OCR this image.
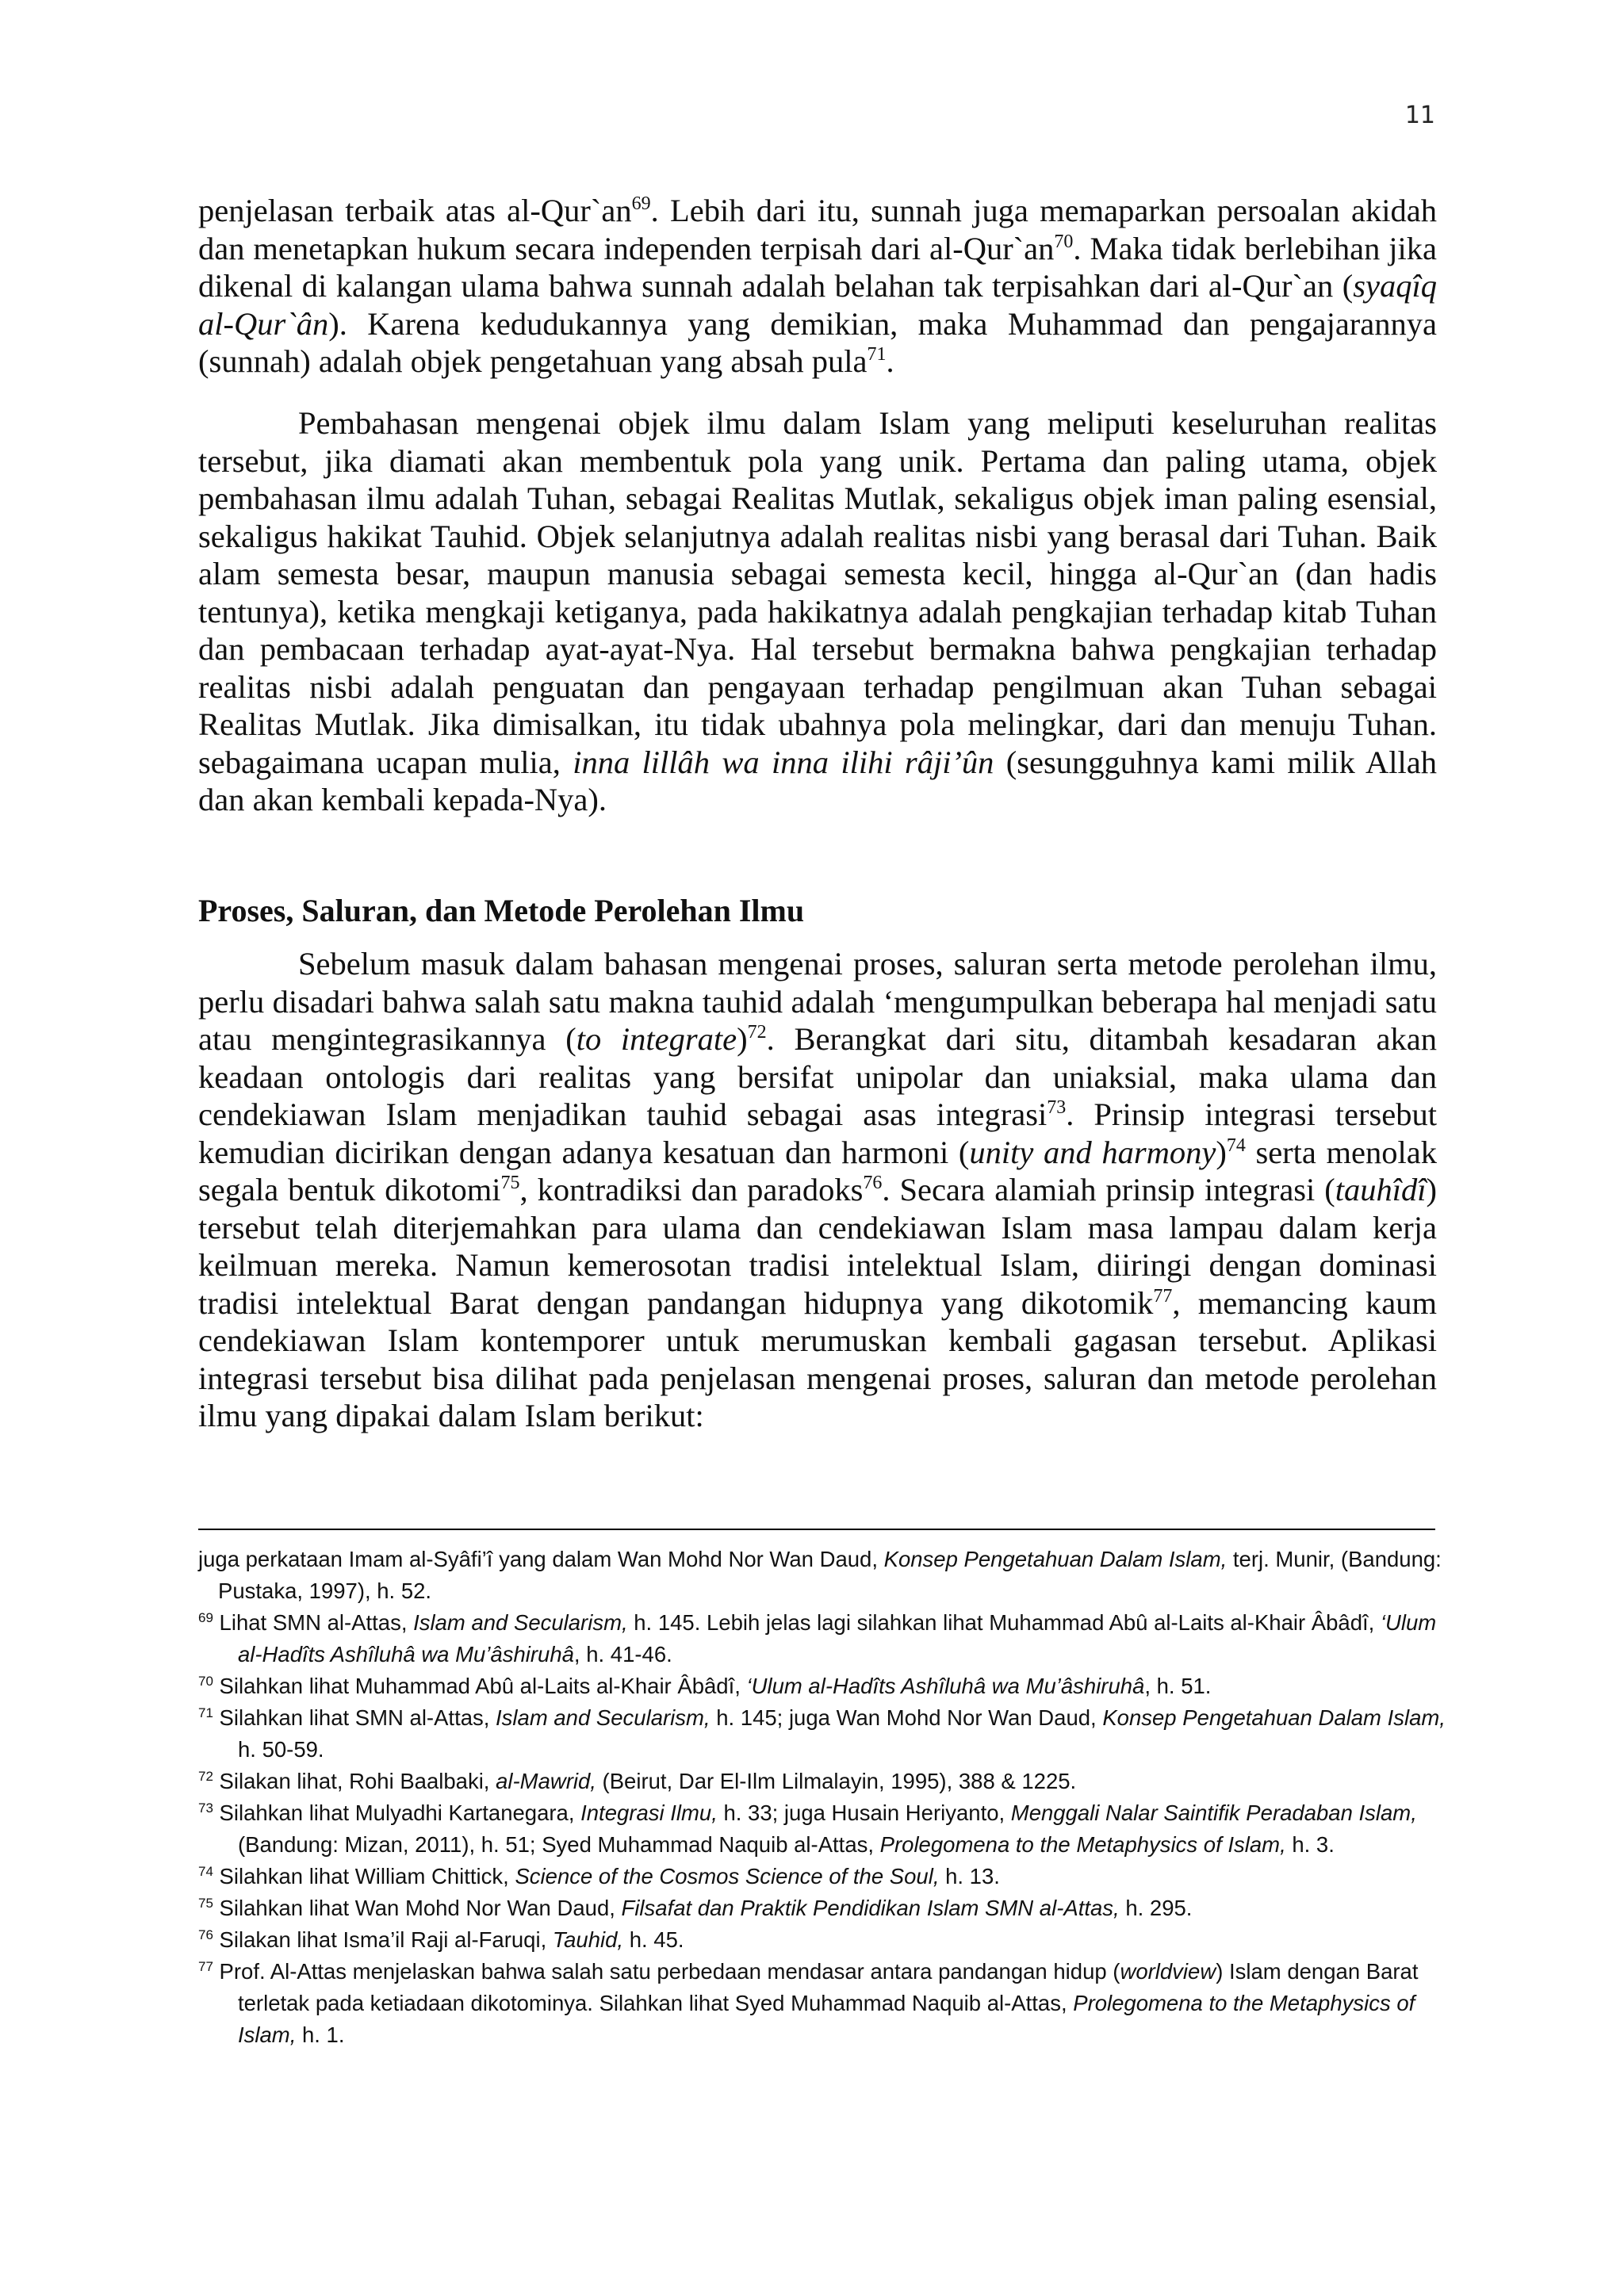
11

penjelasan terbaik atas $al-Qur`an^{69}$. Lebih dari itu, sunnah juga memaparkan persoalan akidah dan menetapkan hukum secara independen terpisah dari $al-Qur`an^{70}$. Maka tidak berlebihan jika dikenal di kalangan ulama bahwa sunnah adalah belahan tak terpisahkan dari al-Qur`an (syaqîq al-Qur`ân). Karena kedudukannya yang demikian, maka Muhammad dan pengajarannya (sunnah) adalah objek pengetahuan yang absah pula$^{71}$.

Pembahasan mengenai objek ilmu dalam Islam yang meliputi keseluruhan realitas tersebut, jika diamati akan membentuk pola yang unik. Pertama dan paling utama, objek pembahasan ilmu adalah Tuhan, sebagai Realitas Mutlak, sekaligus objek iman paling esensial, sekaligus hakikat Tauhid. Objek selanjutnya adalah realitas nisbi yang berasal dari Tuhan. Baik alam semesta besar, maupun manusia sebagai semesta kecil, hingga al-Qur`an (dan hadis tentunya), ketika mengkaji ketiganya, pada hakikatnya adalah pengkajian terhadap kitab Tuhan dan pembacaan terhadap ayat-ayat-Nya. Hal tersebut bermakna bahwa pengkajian terhadap realitas nisbi adalah penguatan dan pengayaan terhadap pengilmuan akan Tuhan sebagai Realitas Mutlak. Jika dimisalkan, itu tidak ubahnya pola melingkar, dari dan menuju Tuhan. sebagaimana ucapan mulia, inna lillâh wa inna ilihi râji’ûn (sesungguhnya kami milik Allah dan akan kembali kepada-Nya).

Proses, Saluran, dan Metode Perolehan Ilmu

Sebelum masuk dalam bahasan mengenai proses, saluran serta metode perolehan ilmu, perlu disadari bahwa salah satu makna tauhid adalah ‘mengumpulkan beberapa hal menjadi satu atau mengintegrasikannya (to integrate)$^{72}$. Berangkat dari situ, ditambah kesadaran akan keadaan ontologis dari realitas yang bersifat unipolar dan uniaksial, maka ulama dan cendekiawan Islam menjadikan tauhid sebagai asas integrasi$^{73}$. Prinsip integrasi tersebut kemudian dicirikan dengan adanya kesatuan dan harmoni (unity and harmony)$^{74}$ serta menolak segala bentuk dikotomi$^{75}$, kontradiksi dan paradoks$^{76}$. Secara alamiah prinsip integrasi (tauhîdî) tersebut telah diterjemahkan para ulama dan cendekiawan Islam masa lampau dalam kerja keilmuan mereka. Namun kemerosotan tradisi intelektual Islam, diiringi dengan dominasi tradisi intelektual Barat dengan pandangan hidupnya yang dikotomik$^{77}$, memancing kaum cendekiawan Islam kontemporer untuk merumuskan kembali gagasan tersebut. Aplikasi integrasi tersebut bisa dilihat pada penjelasan mengenai proses, saluran dan metode perolehan ilmu yang dipakai dalam Islam berikut:

juga perkataan Imam al-Syâfi’î yang dalam Wan Mohd Nor Wan Daud, Konsep Pengetahuan Dalam Islam, terj. Munir, (Bandung: Pustaka, 1997), h. 52.

$^{69}$ Lihat SMN al-Attas, Islam and Secularism, h. 145. Lebih jelas lagi silahkan lihat Muhammad Abû al-Laits al-Khair Âbâdî, ‘Ulum al-Hadîts Ashîluhâ wa Mu’âshiruhâ, h. 41-46.

$^{70}$ Silahkan lihat Muhammad Abû al-Laits al-Khair Âbâdî, ‘Ulum al-Hadîts Ashîluhâ wa Mu’âshiruhâ, h. 51.

$^{71}$ Silahkan lihat SMN al-Attas, Islam and Secularism, h. 145; juga Wan Mohd Nor Wan Daud, Konsep Pengetahuan Dalam Islam, h. 50-59.

$^{72}$ Silakan lihat, Rohi Baalbaki, al-Mawrid, (Beirut, Dar El-Ilm Lilmalayin, 1995), 388 & 1225.

$^{73}$ Silahkan lihat Mulyadhi Kartanegara, Integrasi Ilmu, h. 33; juga Husain Heriyanto, Menggali Nalar Saintifik Peradaban Islam, (Bandung: Mizan, 2011), h. 51; Syed Muhammad Naquib al-Attas, Prolegomena to the Metaphysics of Islam, h. 3.

$^{74}$ Silahkan lihat William Chittick, Science of the Cosmos Science of the Soul, h. 13.

$^{75}$ Silahkan lihat Wan Mohd Nor Wan Daud, Filsafat dan Praktik Pendidikan Islam SMN al-Attas, h. 295.

$^{76}$ Silakan lihat Isma’il Raji al-Faruqi, Tauhid, h. 45.

$^{77}$ Prof. Al-Attas menjelaskan bahwa salah satu perbedaan mendasar antara pandangan hidup (worldview) Islam dengan Barat terletak pada ketiadaan dikotominya. Silahkan lihat Syed Muhammad Naquib al-Attas, Prolegomena to the Metaphysics of Islam, h. 1.
